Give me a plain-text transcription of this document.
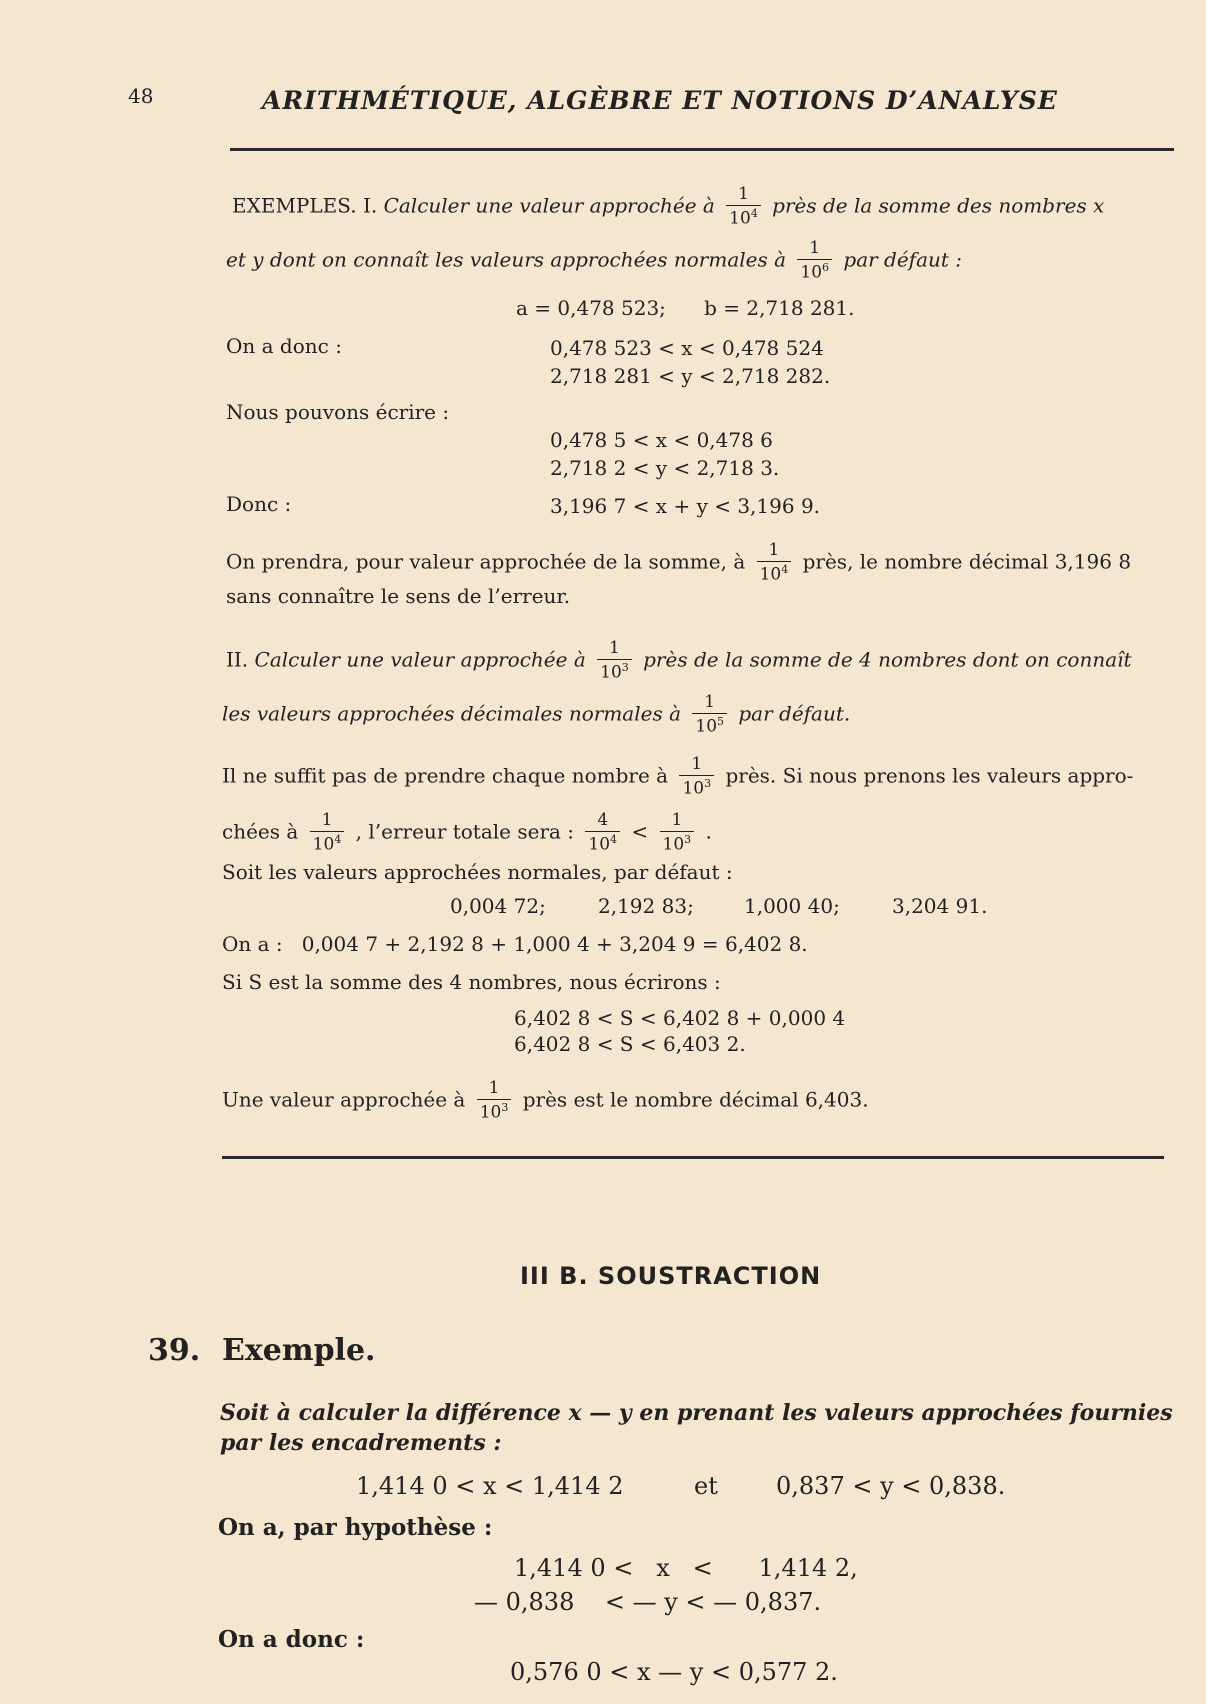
48	ARITHMÉTIQUE, ALGÈBRE ET NOTIONS D’ANALYSE
EXEMPLES. I. Calculer une valeur approchée à $\frac{1}{10^4}$ près de la somme des nombres x
et y dont on connaît les valeurs approchées normales à $\frac{1}{10^6}$ par défaut :
a = 0,478 523;      b = 2,718 281.
On a donc :	0,478 523 < x < 0,478 524
2,718 281 < y < 2,718 282.
Nous pouvons écrire :
0,478 5 < x < 0,478 6
2,718 2 < y < 2,718 3.
Donc :	3,196 7 < x + y < 3,196 9.
On prendra, pour valeur approchée de la somme, à $\frac{1}{10^4}$ près, le nombre décimal 3,196 8
sans connaître le sens de l’erreur.
II. Calculer une valeur approchée à $\frac{1}{10^3}$ près de la somme de 4 nombres dont on connaît
les valeurs approchées décimales normales à $\frac{1}{10^5}$ par défaut.
Il ne suffit pas de prendre chaque nombre à $\frac{1}{10^3}$ près. Si nous prenons les valeurs appro-
chées à $\frac{1}{10^4}$ , l’erreur totale sera : $\frac{4}{10^4} < \frac{1}{10^3}$ .
Soit les valeurs approchées normales, par défaut :
0,004 72;	2,192 83;	1,000 40;	3,204 91.
On a :   0,004 7 + 2,192 8 + 1,000 4 + 3,204 9 = 6,402 8.
Si S est la somme des 4 nombres, nous écrirons :
6,402 8 < S < 6,402 8 + 0,000 4
6,402 8 < S < 6,403 2.
Une valeur approchée à $\frac{1}{10^3}$ près est le nombre décimal 6,403.
III B. SOUSTRACTION
39. Exemple.
Soit à calculer la différence x — y en prenant les valeurs approchées fournies
par les encadrements :
1,414 0 < x < 1,414 2	et 0,837 < y < 0,838.
On a, par hypothèse :
1,414 0 <   x   <      1,414 2,
— 0,838    < — y < — 0,837.
On a donc :
0,576 0 < x — y < 0,577 2.
